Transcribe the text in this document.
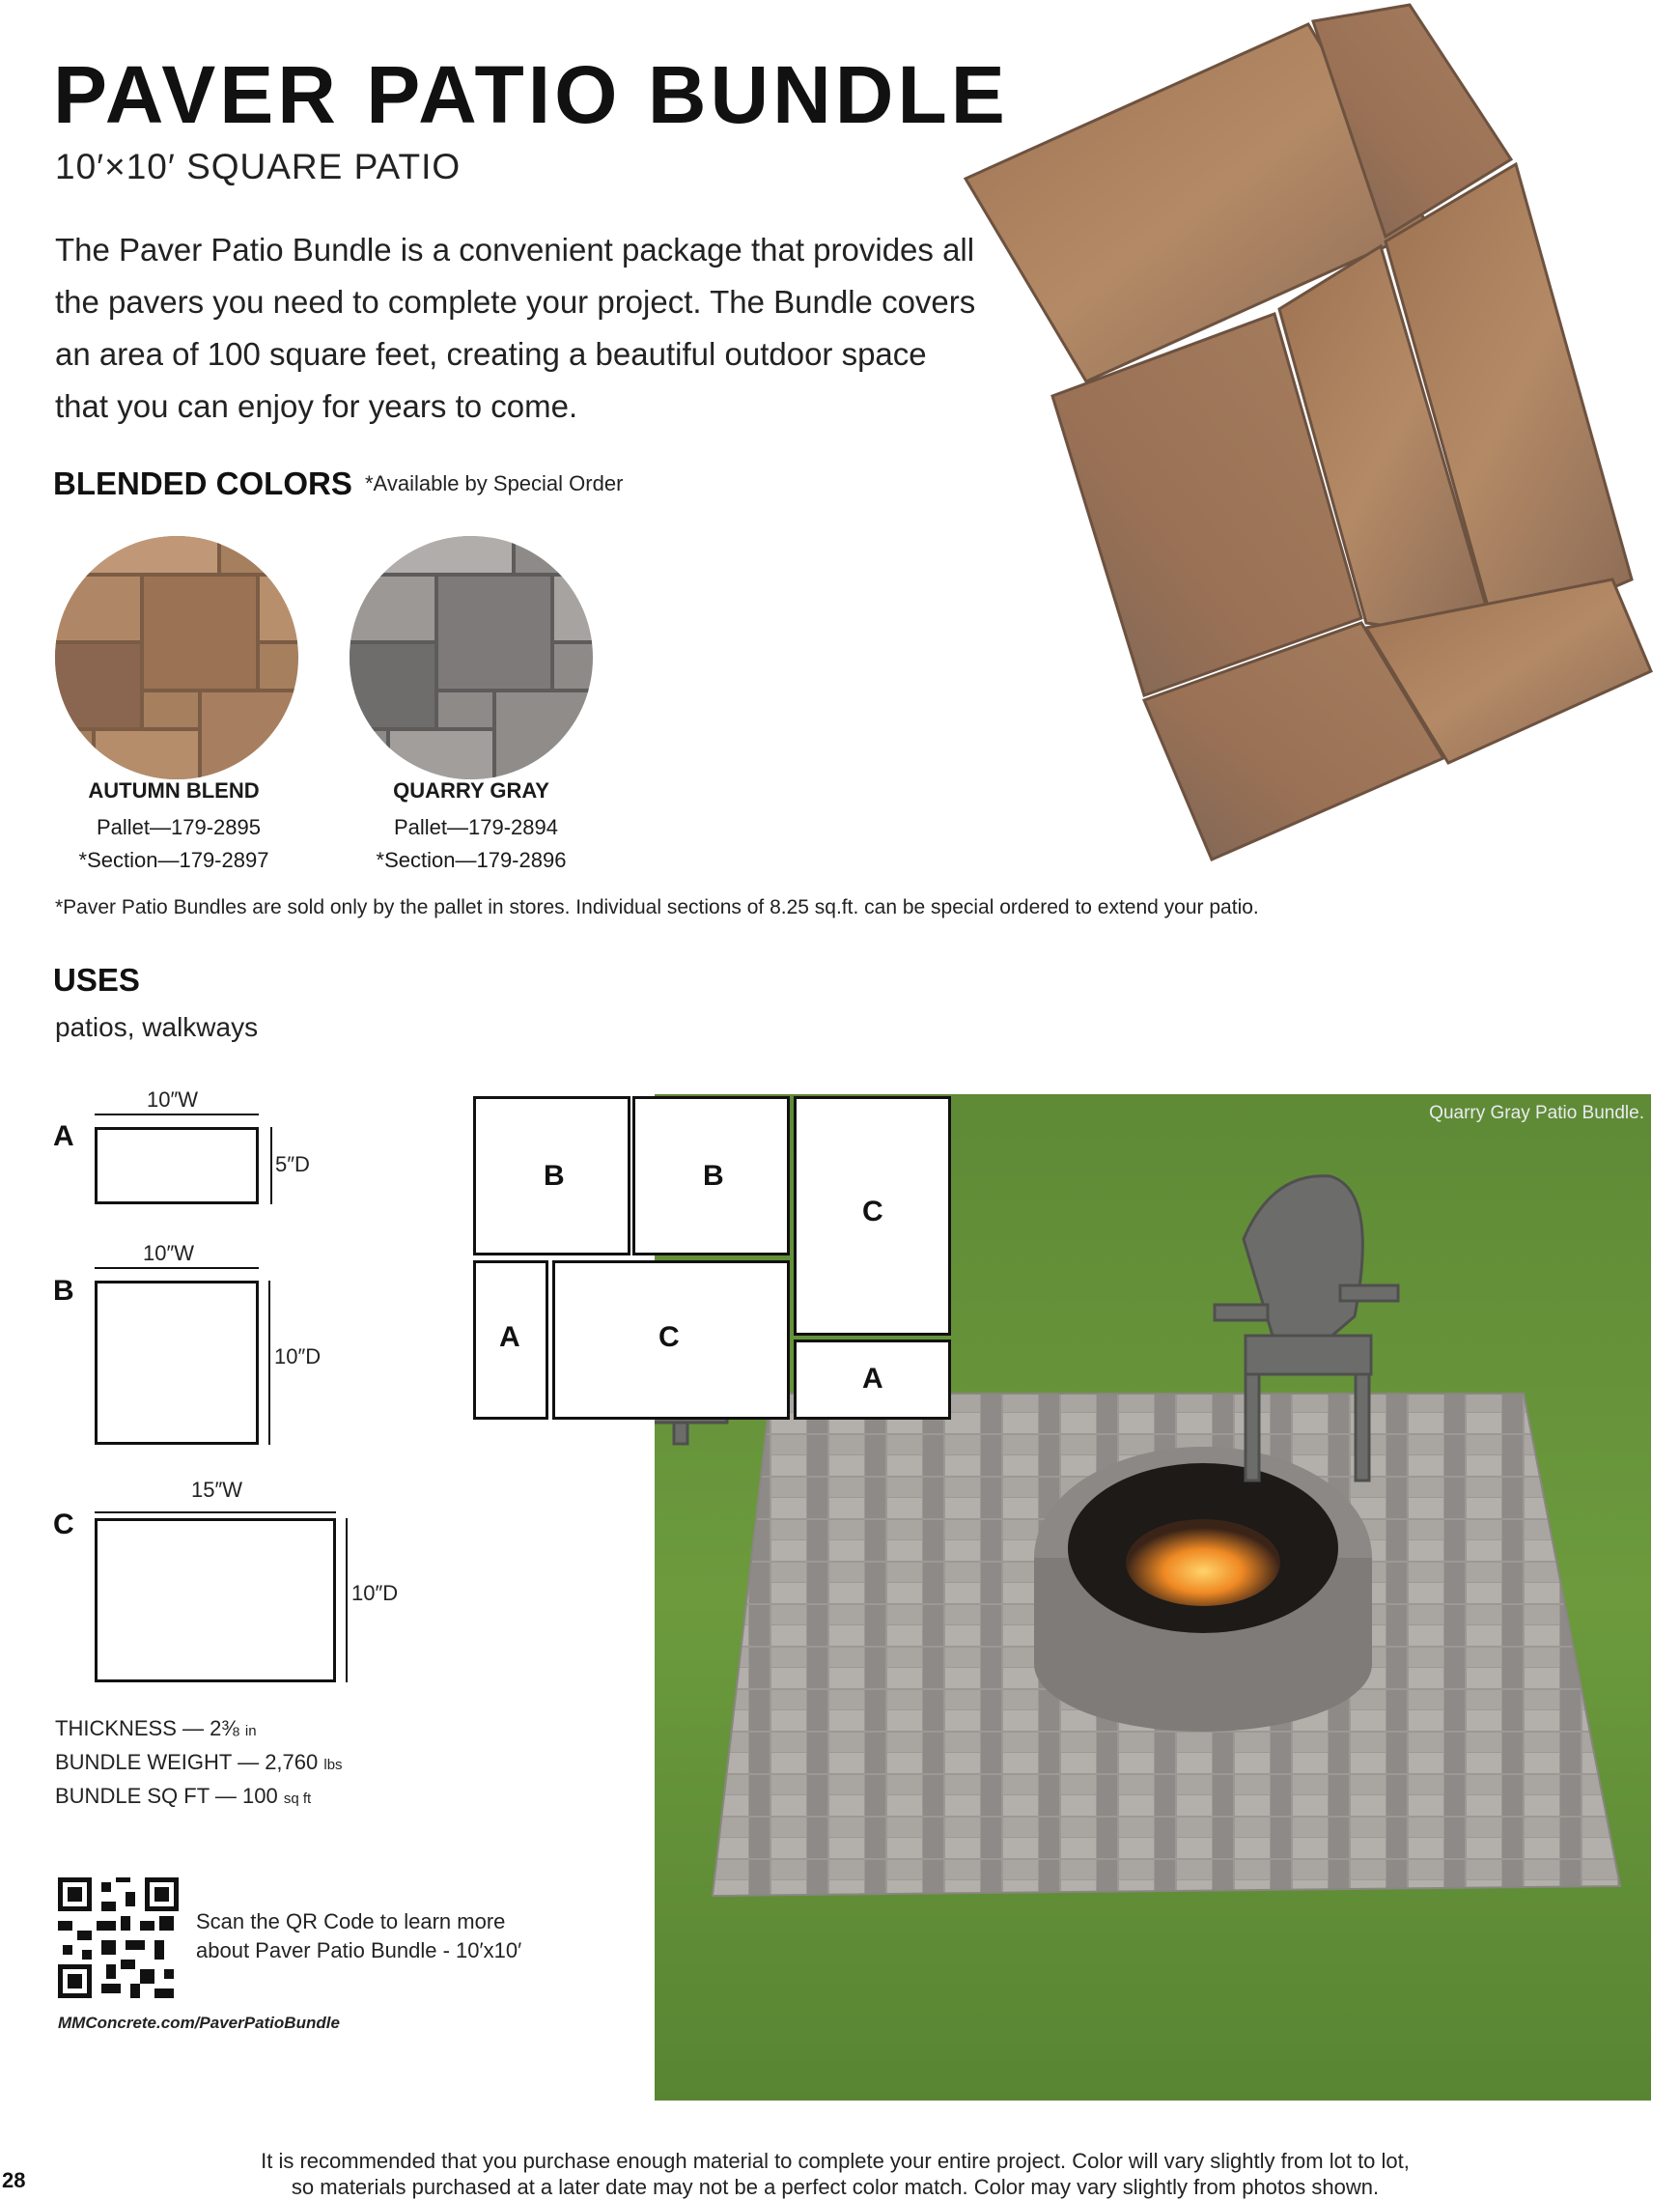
PAVER PATIO BUNDLE
10′×10′ SQUARE PATIO
The Paver Patio Bundle is a convenient package that provides all the pavers you need to complete your project. The Bundle covers an area of 100 square feet, creating a beautiful outdoor space that you can enjoy for years to come.
BLENDED COLORS *Available by Special Order
AUTUMN BLEND
Pallet—179-2895
*Section—179-2897
QUARRY GRAY
Pallet—179-2894
*Section—179-2896
*Paver Patio Bundles are sold only by the pallet in stores. Individual sections of 8.25 sq.ft. can be special ordered to extend your patio.
USES
patios, walkways
A
10″W
5″D
B
10″W
10″D
C
15″W
10″D
THICKNESS — 2⅜ in
BUNDLE WEIGHT — 2,760 lbs
BUNDLE SQ FT — 100 sq ft
Quarry Gray Patio Bundle.
B	B
C
A	C
A
Scan the QR Code to learn more
about Paver Patio Bundle - 10′x10′
MMConcrete.com/PaverPatioBundle
It is recommended that you purchase enough material to complete your entire project. Color will vary slightly from lot to lot,
so materials purchased at a later date may not be a perfect color match. Color may vary slightly from photos shown.
28
